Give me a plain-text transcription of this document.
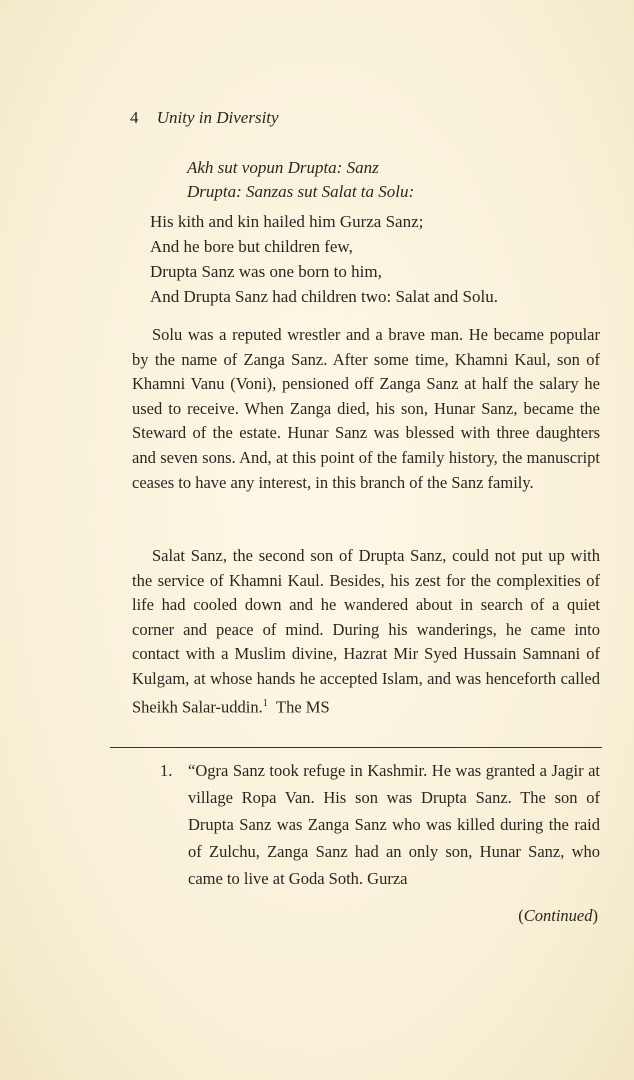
4 Unity in Diversity
Akh sut vopun Drupta: Sanz
Drupta: Sanzas sut Salat ta Solu:
His kith and kin hailed him Gurza Sanz;
And he bore but children few,
Drupta Sanz was one born to him,
And Drupta Sanz had children two: Salat and Solu.

Solu was a reputed wrestler and a brave man. He became popular by the name of Zanga Sanz. After some time, Khamni Kaul, son of Khamni Vanu (Voni), pensioned off Zanga Sanz at half the salary he used to receive. When Zanga died, his son, Hunar Sanz, became the Steward of the estate. Hunar Sanz was blessed with three daughters and seven sons. And, at this point of the family history, the manuscript ceases to have any interest, in this branch of the Sanz family.

Salat Sanz, the second son of Drupta Sanz, could not put up with the service of Khamni Kaul. Besides, his zest for the complexities of life had cooled down and he wandered about in search of a quiet corner and peace of mind. During his wanderings, he came into contact with a Muslim divine, Hazrat Mir Syed Hussain Samnani of Kulgam, at whose hands he accepted Islam, and was henceforth called Sheikh Salar-uddin.$^1$ The MS

1. “Ogra Sanz took refuge in Kashmir. He was granted a Jagir at village Ropa Van. His son was Drupta Sanz. The son of Drupta Sanz was Zanga Sanz who was killed during the raid of Zulchu, Zanga Sanz had an only son, Hunar Sanz, who came to live at Goda Soth. Gurza
(Continued)
